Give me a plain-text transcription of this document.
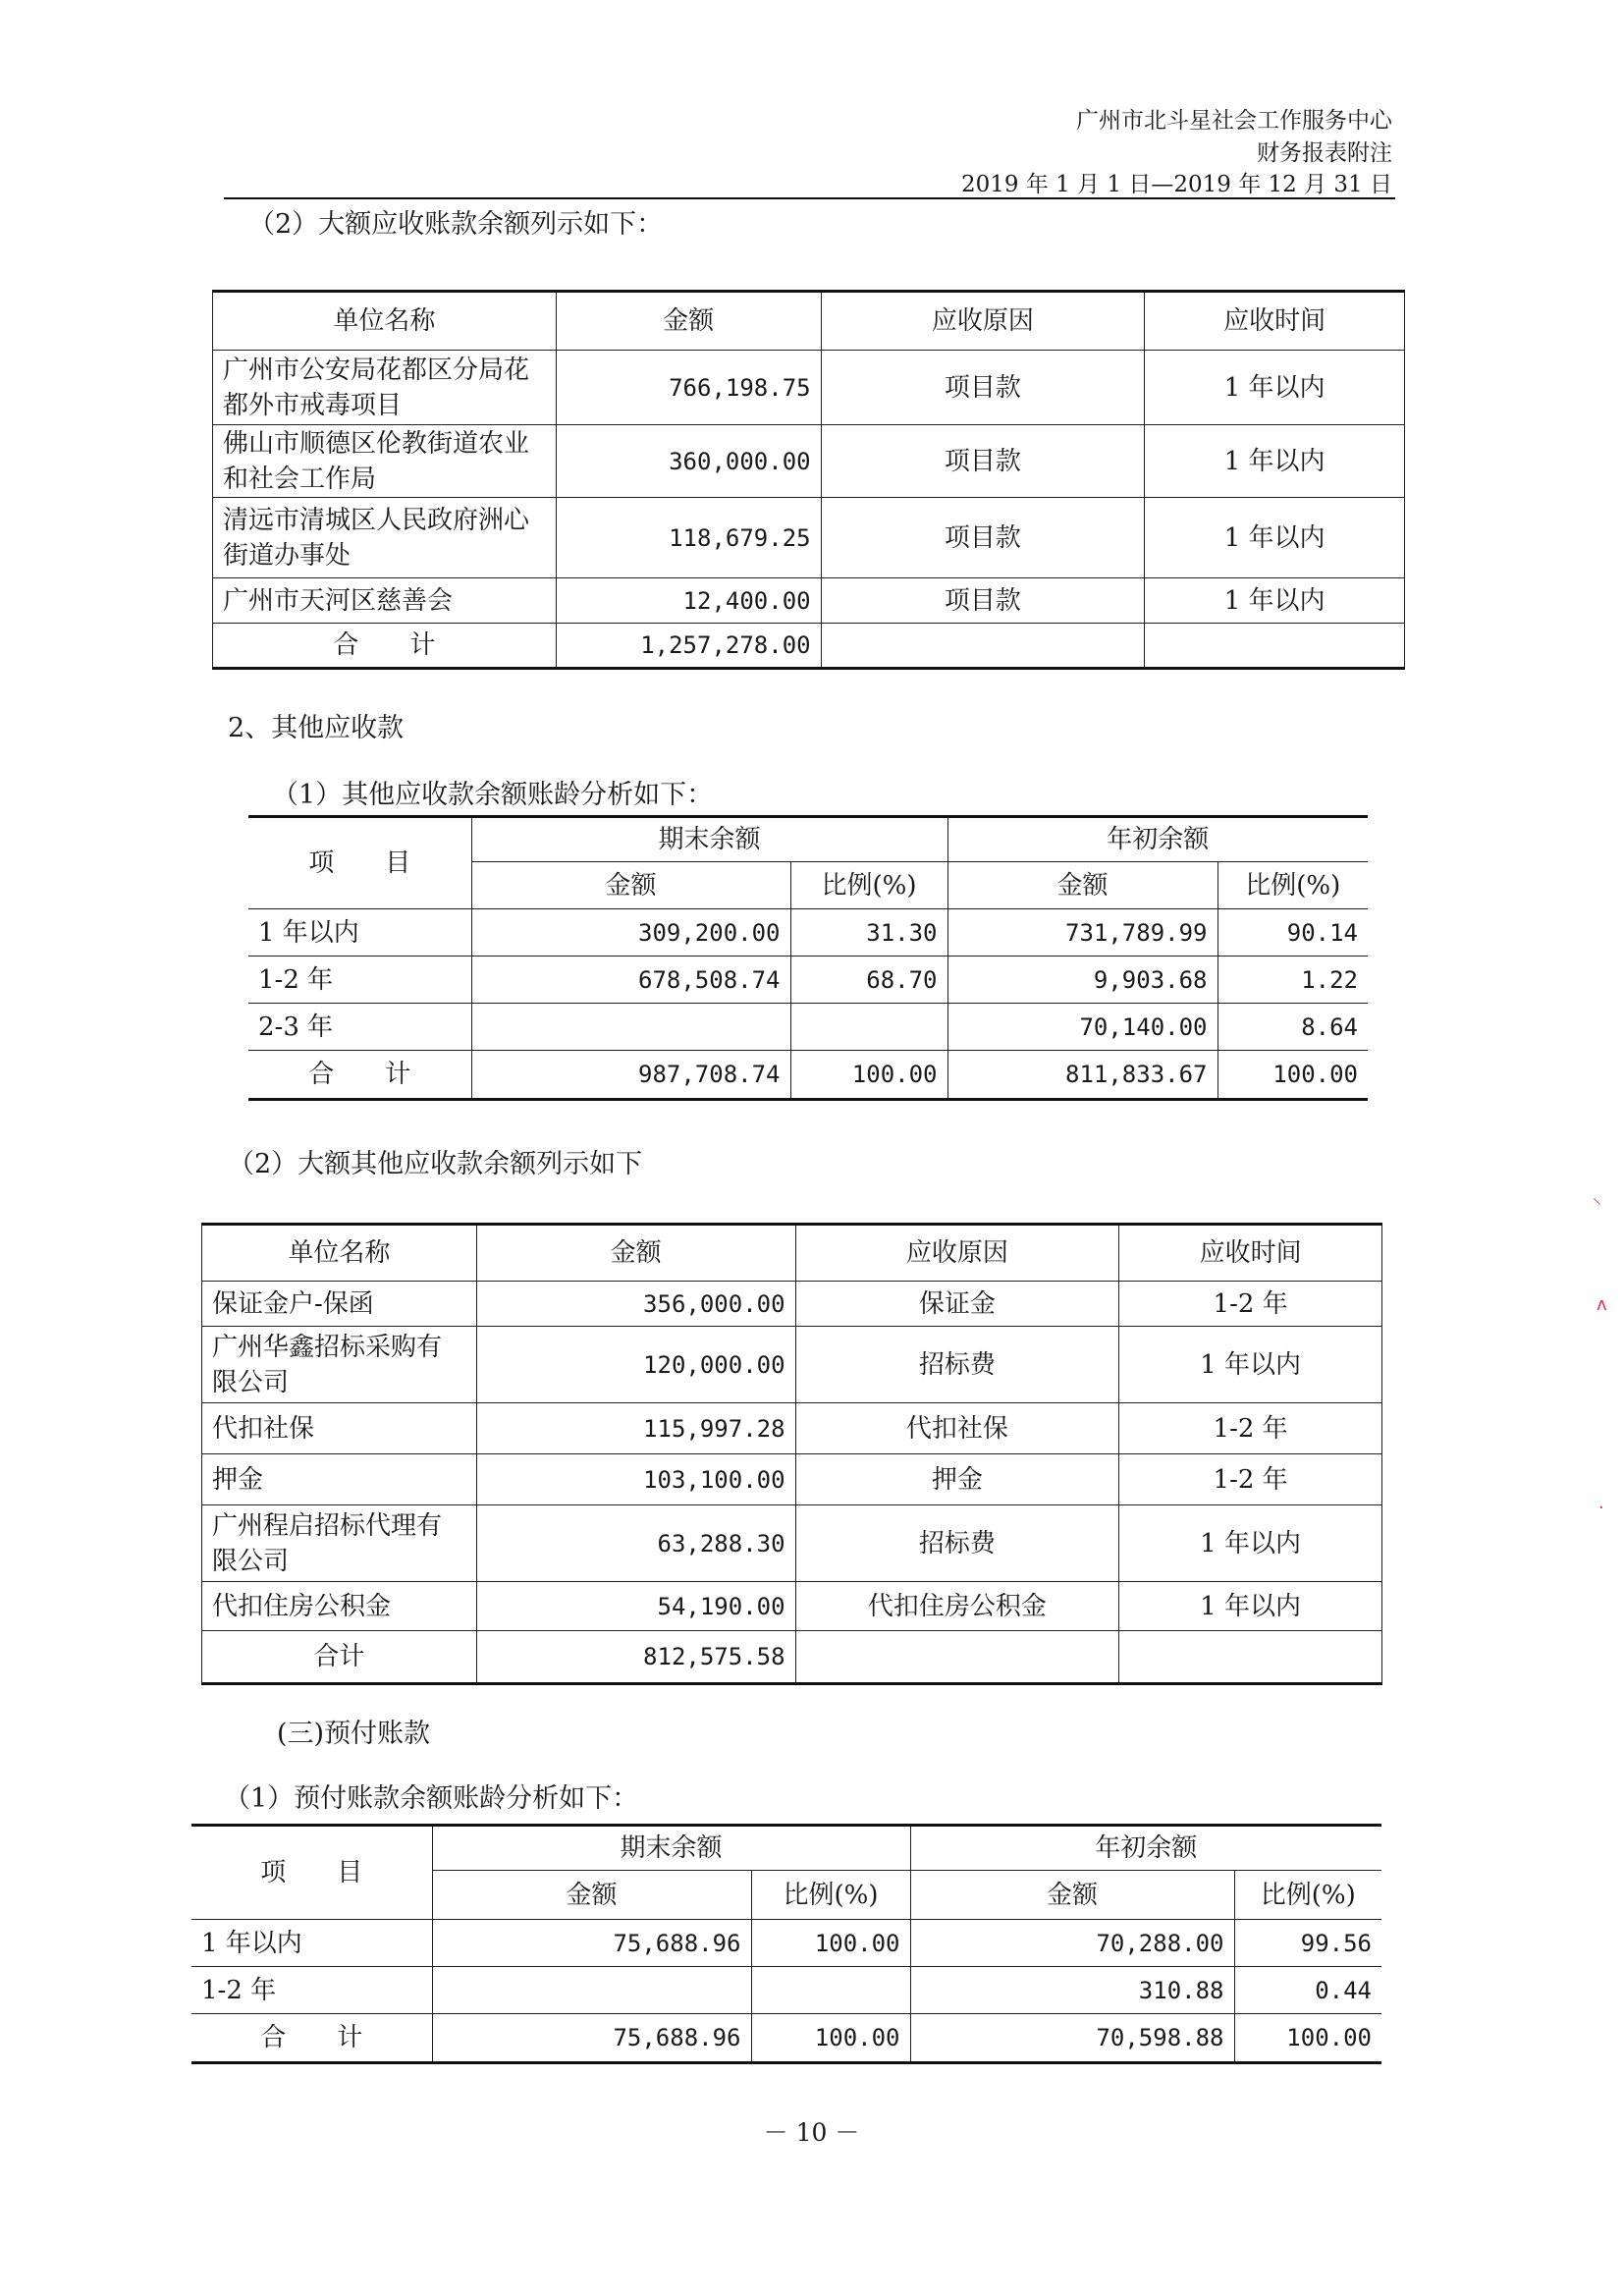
广州市北斗星社会工作服务中心
财务报表附注
2019 年 1 月 1 日—2019 年 12 月 31 日
（2）大额应收账款余额列示如下：
单位名称	金额	应收原因	应收时间
广州市公安局花都区分局花都外市戒毒项目	766,198.75	项目款	1 年以内
佛山市顺德区伦教街道农业和社会工作局	360,000.00	项目款	1 年以内
清远市清城区人民政府洲心街道办事处	118,679.25	项目款	1 年以内
广州市天河区慈善会	12,400.00	项目款	1 年以内
合　　计	1,257,278.00		
2、其他应收款
（1）其他应收款余额账龄分析如下：
项　　目	期末余额		年初余额	
	金额	比例(%)	金额	比例(%)
1 年以内	309,200.00	31.30	731,789.99	90.14
1-2 年	678,508.74	68.70	9,903.68	1.22
2-3 年			70,140.00	8.64
合　　计	987,708.74	100.00	811,833.67	100.00
（2）大额其他应收款余额列示如下
单位名称	金额	应收原因	应收时间
保证金户-保函	356,000.00	保证金	1-2 年
广州华鑫招标采购有限公司	120,000.00	招标费	1 年以内
代扣社保	115,997.28	代扣社保	1-2 年
押金	103,100.00	押金	1-2 年
广州程启招标代理有限公司	63,288.30	招标费	1 年以内
代扣住房公积金	54,190.00	代扣住房公积金	1 年以内
合计	812,575.58		
(三)预付账款
（1）预付账款余额账龄分析如下：
项　　目	期末余额		年初余额	
	金额	比例(%)	金额	比例(%)
1 年以内	75,688.96	100.00	70,288.00	99.56
1-2 年			310.88	0.44
合　　计	75,688.96	100.00	70,598.88	100.00
－ 10 －
⸌
ʌ
·
